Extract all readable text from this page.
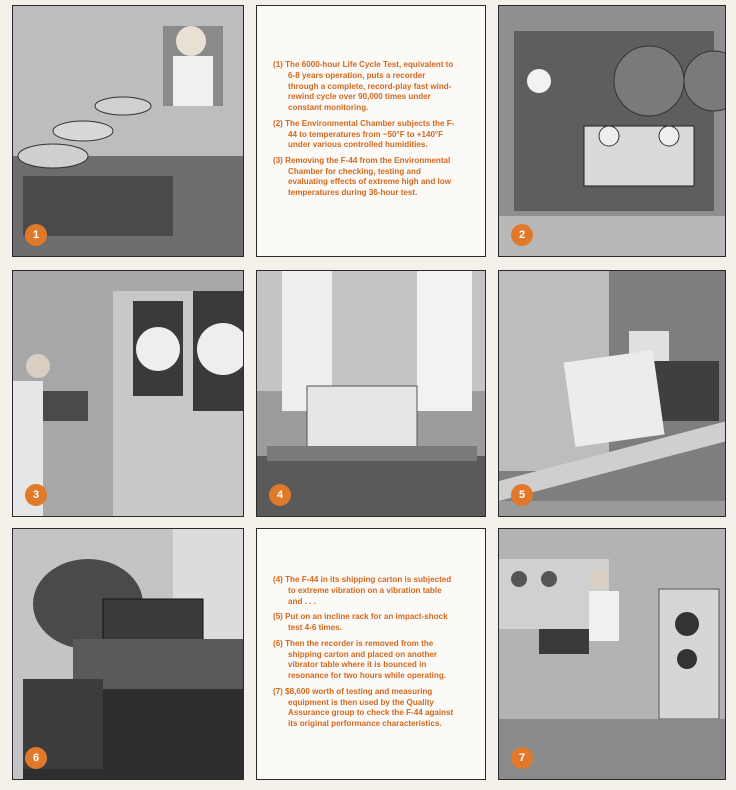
1

(1) The 6000-hour Life Cycle Test, equivalent to 6-8 years operation, puts a recorder through a complete, record-play fast wind-rewind cycle over 90,000 times under constant monitoring.

(2) The Environmental Chamber subjects the F-44 to temperatures from −50°F to +140°F under various controlled humidities.

(3) Removing the F-44 from the Environmental Chamber for checking, testing and evaluating effects of extreme high and low temperatures during 36-hour test.

2
3	4	5
6

(4) The F-44 in its shipping carton is subjected to extreme vibration on a vibration table and . . .

(5) Put on an incline rack for an impact-shock test 4-6 times.

(6) Then the recorder is removed from the shipping carton and placed on another vibrator table where it is bounced in resonance for two hours while operating.

(7) $8,600 worth of testing and measuring equipment is then used by the Quality Assurance group to check the F-44 against its original performance characteristics.

7
